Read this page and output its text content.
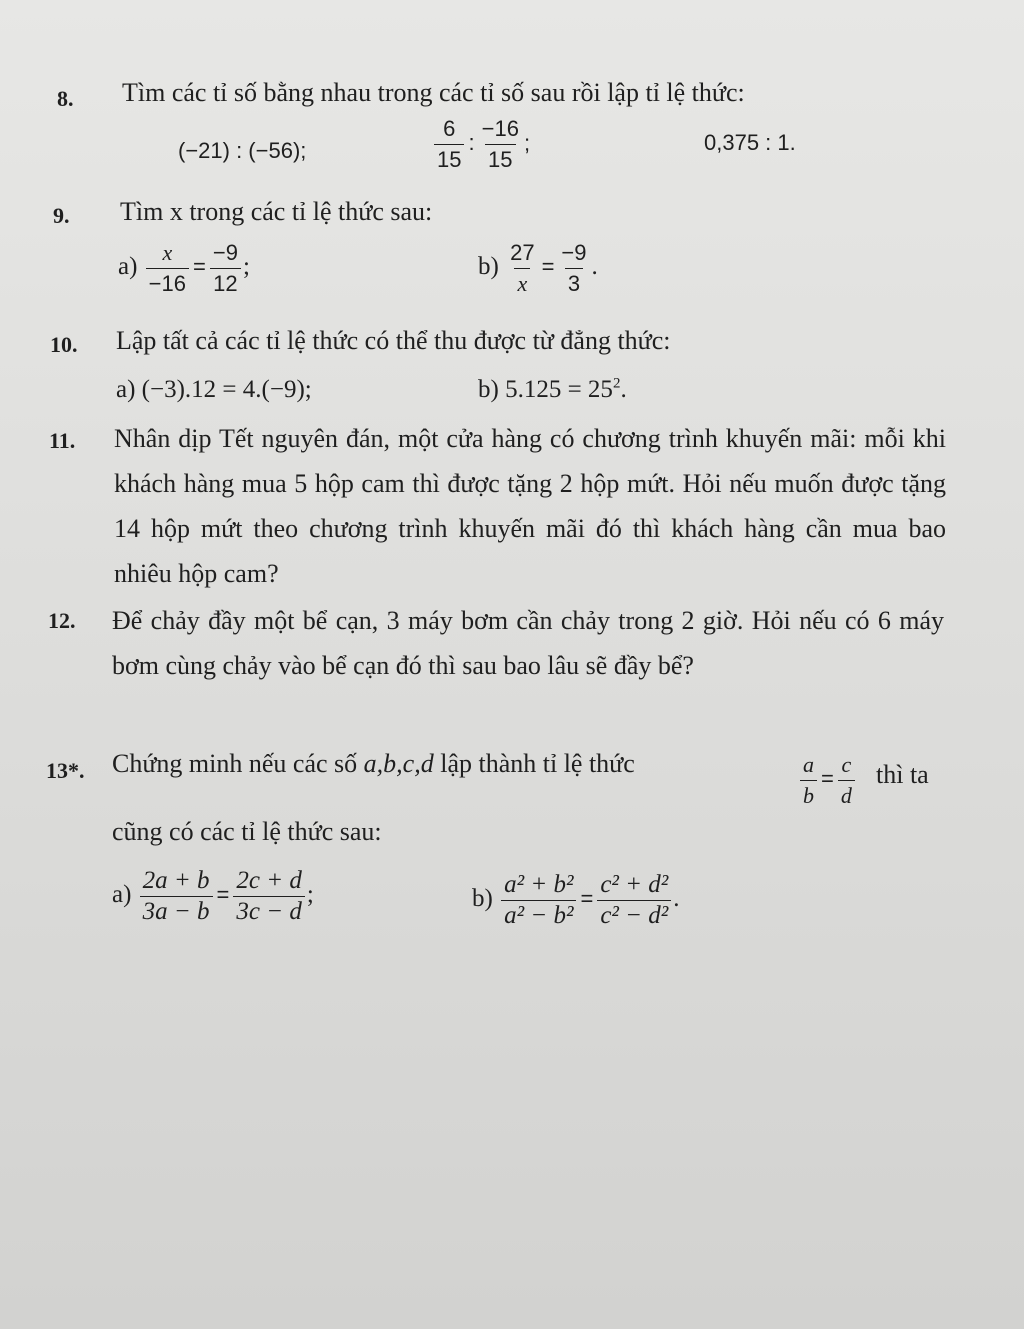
8. Tìm các tỉ số bằng nhau trong các tỉ số sau rồi lập tỉ lệ thức:
(−21) : (−56);	$\frac{6}{15}$ : $\frac{-16}{15}$ ;	0,375 : 1.
9. Tìm x trong các tỉ lệ thức sau:
$a) \frac{x}{-16} = \frac{-9}{12}$ ;	$b) \frac{27}{x} = \frac{-9}{3}$ .
10. Lập tất cả các tỉ lệ thức có thể thu được từ đẳng thức:
a) (−3).12 = 4.(−9);	b) $5.125 = 25^2$.
11. Nhân dịp Tết nguyên đán, một cửa hàng có chương trình khuyến mãi: mỗi khi khách hàng mua 5 hộp cam thì được tặng 2 hộp mứt. Hỏi nếu muốn được tặng 14 hộp mứt theo chương trình khuyến mãi đó thì khách hàng cần mua bao nhiêu hộp cam?
12. Để chảy đầy một bể cạn, 3 máy bơm cần chảy trong 2 giờ. Hỏi nếu có 6 máy bơm cùng chảy vào bể cạn đó thì sau bao lâu sẽ đầy bể?
13*. Chứng minh nếu các số a,b,c,d lập thành tỉ lệ thức	$\frac{a}{b} = \frac{c}{d}$ thì ta
cũng có các tỉ lệ thức sau:
$a) \frac{2a + b}{3a - b} = \frac{2c + d}{3c - d}$ ;	$b) \frac{\text{a² + b²}}{\text{a² − b²}} = \frac{\text{c² + d²}}{\text{c² − d²}}$ .
